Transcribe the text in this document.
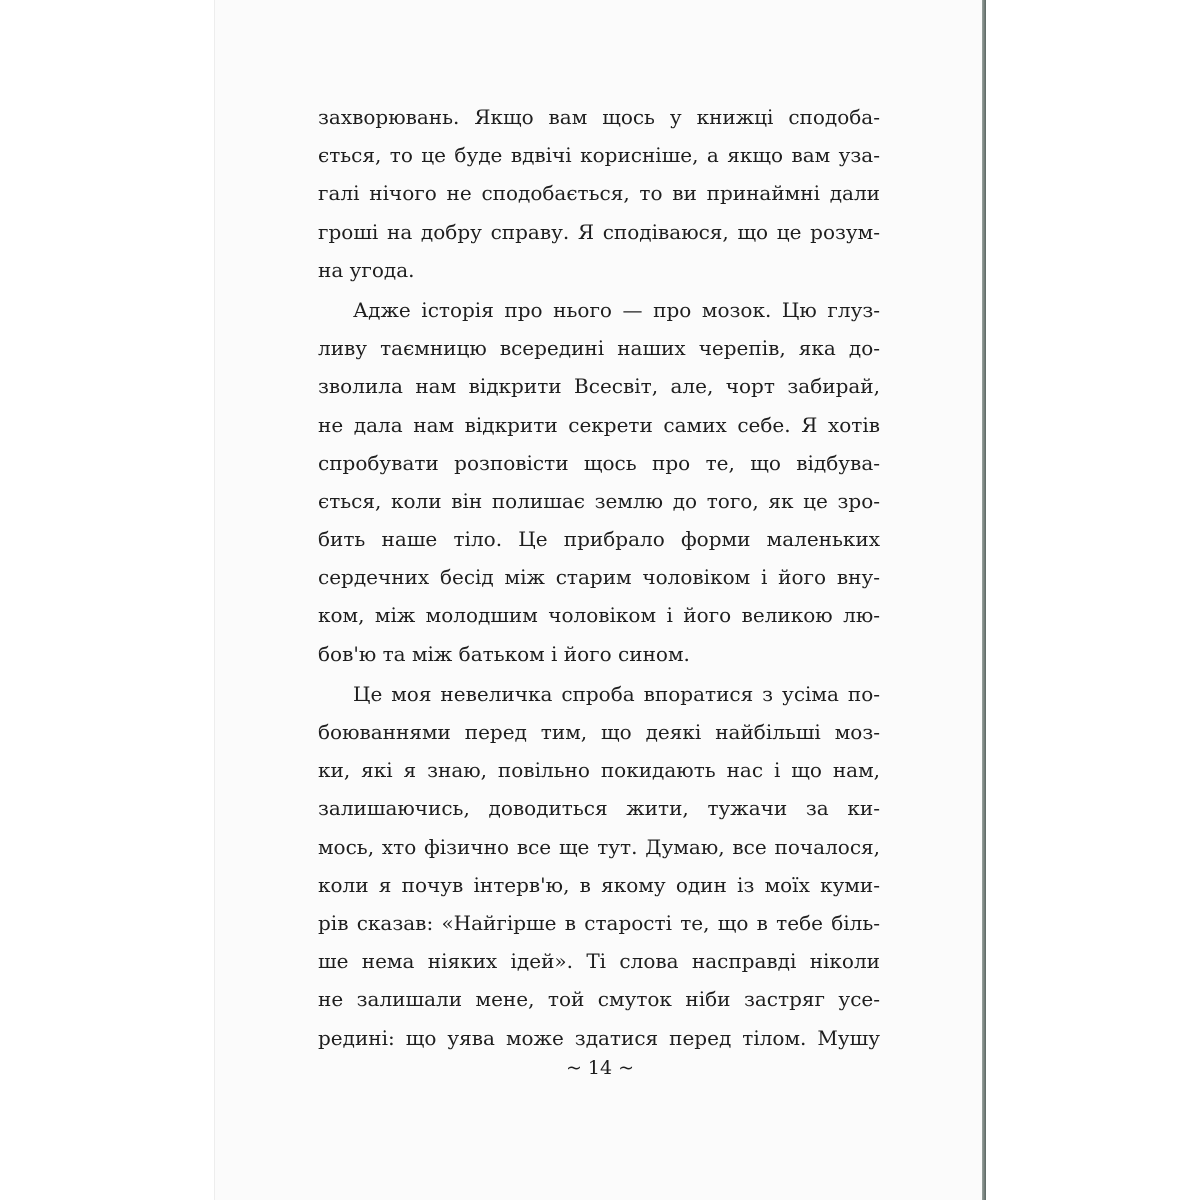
захворювань. Якщо вам щось у книжці сподоба-
ється, то це буде вдвічі корисніше, а якщо вам уза-
галі нічого не сподобається, то ви принаймні дали
гроші на добру справу. Я сподіваюся, що це розум-
на угода.
Адже історія про нього — про мозок. Цю глуз-
ливу таємницю всередині наших черепів, яка до-
зволила нам відкрити Всесвіт, але, чорт забирай,
не дала нам відкрити секрети самих себе. Я хотів
спробувати розповісти щось про те, що відбува-
ється, коли він полишає землю до того, як це зро-
бить наше тіло. Це прибрало форми маленьких
сердечних бесід між старим чоловіком і його вну-
ком, між молодшим чоловіком і його великою лю-
бов'ю та між батьком і його сином.
Це моя невеличка спроба впоратися з усіма по-
боюваннями перед тим, що деякі найбільші моз-
ки, які я знаю, повільно покидають нас і що нам,
залишаючись, доводиться жити, тужачи за ки-
мось, хто фізично все ще тут. Думаю, все почалося,
коли я почув інтерв'ю, в якому один із моїх куми-
рів сказав: «Найгірше в старості те, що в тебе біль-
ше нема ніяких ідей». Ті слова насправді ніколи
не залишали мене, той смуток ніби застряг усе-
редині: що уява може здатися перед тілом. Мушу
~ 14 ~
